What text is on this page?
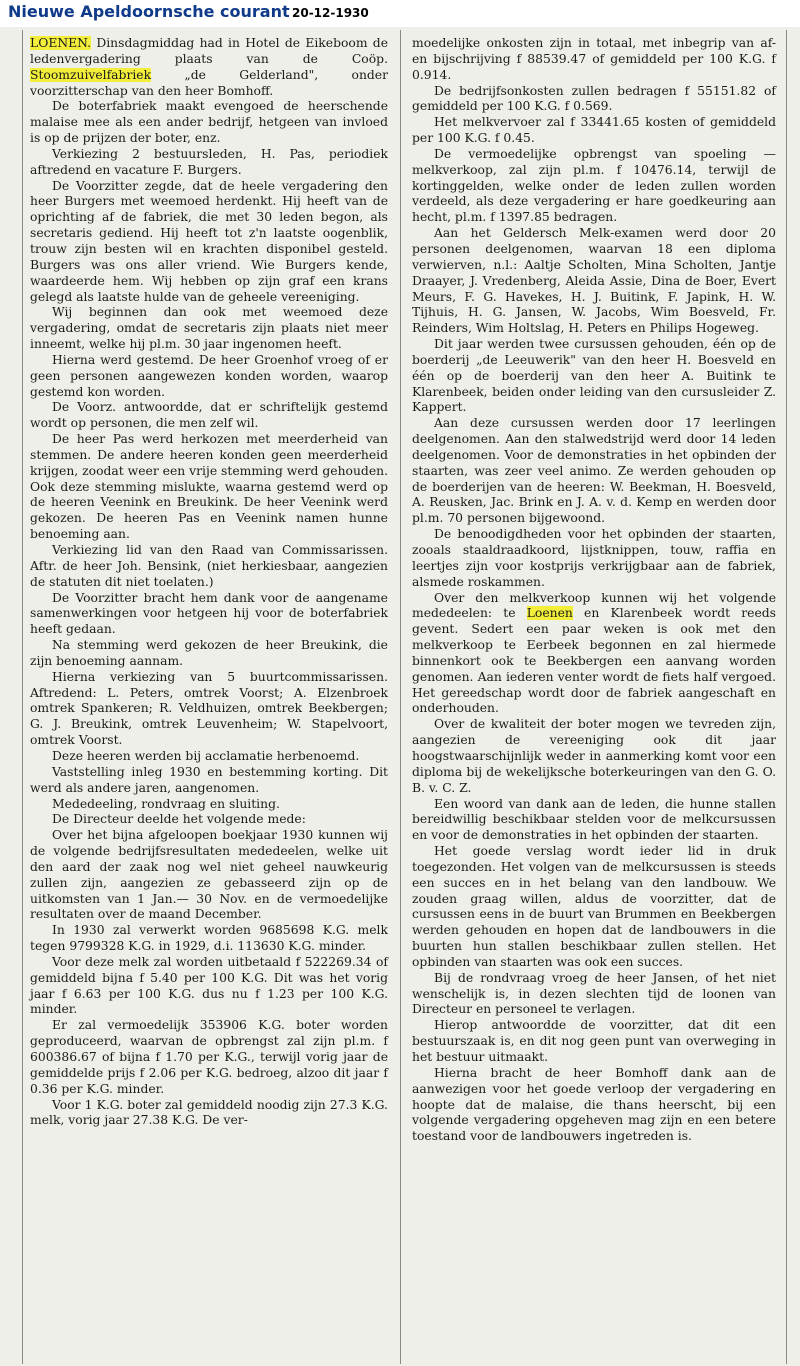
Nieuwe Apeldoornsche courant 20-12-1930

LOENEN. Dinsdagmiddag had in Hotel de Eikeboom de ledenvergadering plaats van de Coöp. Stoomzuivelfabriek „de Gelderland", onder voorzitterschap van den heer Bomhoff.

De boterfabriek maakt evengoed de heerschende malaise mee als een ander bedrijf, hetgeen van invloed is op de prijzen der boter, enz.

Verkiezing 2 bestuursleden, H. Pas, periodiek aftredend en vacature F. Burgers.

De Voorzitter zegde, dat de heele vergadering den heer Burgers met weemoed herdenkt. Hij heeft van de oprichting af de fabriek, die met 30 leden begon, als secretaris gediend. Hij heeft tot z'n laatste oogenblik, trouw zijn besten wil en krachten disponibel gesteld. Burgers was ons aller vriend. Wie Burgers kende, waardeerde hem. Wij hebben op zijn graf een krans gelegd als laatste hulde van de geheele vereeniging.

Wij beginnen dan ook met weemoed deze vergadering, omdat de secretaris zijn plaats niet meer inneemt, welke hij pl.m. 30 jaar ingenomen heeft.

Hierna werd gestemd. De heer Groenhof vroeg of er geen personen aangewezen konden worden, waarop gestemd kon worden.

De Voorz. antwoordde, dat er schriftelijk gestemd wordt op personen, die men zelf wil.

De heer Pas werd herkozen met meerderheid van stemmen. De andere heeren konden geen meerderheid krijgen, zoodat weer een vrije stemming werd gehouden. Ook deze stemming mislukte, waarna gestemd werd op de heeren Veenink en Breukink. De heer Veenink werd gekozen. De heeren Pas en Veenink namen hunne benoeming aan.

Verkiezing lid van den Raad van Commissarissen. Aftr. de heer Joh. Bensink, (niet herkiesbaar, aangezien de statuten dit niet toelaten.)

De Voorzitter bracht hem dank voor de aangename samenwerkingen voor hetgeen hij voor de boterfabriek heeft gedaan.

Na stemming werd gekozen de heer Breukink, die zijn benoeming aannam.

Hierna verkiezing van 5 buurtcommissarissen. Aftredend: L. Peters, omtrek Voorst; A. Elzenbroek omtrek Spankeren; R. Veldhuizen, omtrek Beekbergen; G. J. Breukink, omtrek Leuvenheim; W. Stapelvoort, omtrek Voorst.

Deze heeren werden bij acclamatie herbenoemd.

Vaststelling inleg 1930 en bestemming korting. Dit werd als andere jaren, aangenomen.

Mededeeling, rondvraag en sluiting.

De Directeur deelde het volgende mede:

Over het bijna afgeloopen boekjaar 1930 kunnen wij de volgende bedrijfsresultaten mededeelen, welke uit den aard der zaak nog wel niet geheel nauwkeurig zullen zijn, aangezien ze gebasseerd zijn op de uitkomsten van 1 Jan.— 30 Nov. en de vermoedelijke resultaten over de maand December.

In 1930 zal verwerkt worden 9685698 K.G. melk tegen 9799328 K.G. in 1929, d.i. 113630 K.G. minder.

Voor deze melk zal worden uitbetaald f 522269.34 of gemiddeld bijna f 5.40 per 100 K.G. Dit was het vorig jaar f 6.63 per 100 K.G. dus nu f 1.23 per 100 K.G. minder.

Er zal vermoedelijk 353906 K.G. boter worden geproduceerd, waarvan de opbrengst zal zijn pl.m. f 600386.67 of bijna f 1.70 per K.G., terwijl vorig jaar de gemiddelde prijs f 2.06 per K.G. bedroeg, alzoo dit jaar f 0.36 per K.G. minder.

Voor 1 K.G. boter zal gemiddeld noodig zijn 27.3 K.G. melk, vorig jaar 27.38 K.G. De ver-

moedelijke onkosten zijn in totaal, met inbegrip van af- en bijschrijving f 88539.47 of gemiddeld per 100 K.G. f 0.914.

De bedrijfsonkosten zullen bedragen f 55151.82 of gemiddeld per 100 K.G. f 0.569.

Het melkvervoer zal f 33441.65 kosten of gemiddeld per 100 K.G. f 0.45.

De vermoedelijke opbrengst van spoeling — melkverkoop, zal zijn pl.m. f 10476.14, terwijl de kortinggelden, welke onder de leden zullen worden verdeeld, als deze vergadering er hare goedkeuring aan hecht, pl.m. f 1397.85 bedragen.

Aan het Geldersch Melk-examen werd door 20 personen deelgenomen, waarvan 18 een diploma verwierven, n.l.: Aaltje Scholten, Mina Scholten, Jantje Draayer, J. Vredenberg, Aleida Assie, Dina de Boer, Evert Meurs, F. G. Havekes, H. J. Buitink, F. Japink, H. W. Tijhuis, H. G. Jansen, W. Jacobs, Wim Boesveld, Fr. Reinders, Wim Holtslag, H. Peters en Philips Hogeweg.

Dit jaar werden twee cursussen gehouden, één op de boerderij „de Leeuwerik" van den heer H. Boesveld en één op de boerderij van den heer A. Buitink te Klarenbeek, beiden onder leiding van den cursusleider Z. Kappert.

Aan deze cursussen werden door 17 leerlingen deelgenomen. Aan den stalwedstrijd werd door 14 leden deelgenomen. Voor de demonstraties in het opbinden der staarten, was zeer veel animo. Ze werden gehouden op de boerderijen van de heeren: W. Beekman, H. Boesveld, A. Reusken, Jac. Brink en J. A. v. d. Kemp en werden door pl.m. 70 personen bijgewoond.

De benoodigdheden voor het opbinden der staarten, zooals staaldraadkoord, lijstknippen, touw, raffia en leertjes zijn voor kostprijs verkrijgbaar aan de fabriek, alsmede roskammen.

Over den melkverkoop kunnen wij het volgende mededeelen: te Loenen en Klarenbeek wordt reeds gevent. Sedert een paar weken is ook met den melkverkoop te Eerbeek begonnen en zal hiermede binnenkort ook te Beekbergen een aanvang worden genomen. Aan iederen venter wordt de fiets half vergoed. Het gereedschap wordt door de fabriek aangeschaft en onderhouden.

Over de kwaliteit der boter mogen we tevreden zijn, aangezien de vereeniging ook dit jaar hoogstwaarschijnlijk weder in aanmerking komt voor een diploma bij de wekelijksche boterkeuringen van den G. O. B. v. C. Z.

Een woord van dank aan de leden, die hunne stallen bereidwillig beschikbaar stelden voor de melkcursussen en voor de demonstraties in het opbinden der staarten.

Het goede verslag wordt ieder lid in druk toegezonden. Het volgen van de melkcursussen is steeds een succes en in het belang van den landbouw. We zouden graag willen, aldus de voorzitter, dat de cursussen eens in de buurt van Brummen en Beekbergen werden gehouden en hopen dat de landbouwers in die buurten hun stallen beschikbaar zullen stellen. Het opbinden van staarten was ook een succes.

Bij de rondvraag vroeg de heer Jansen, of het niet wenschelijk is, in dezen slechten tijd de loonen van Directeur en personeel te verlagen.

Hierop antwoordde de voorzitter, dat dit een bestuurszaak is, en dit nog geen punt van overweging in het bestuur uitmaakt.

Hierna bracht de heer Bomhoff dank aan de aanwezigen voor het goede verloop der vergadering en hoopte dat de malaise, die thans heerscht, bij een volgende vergadering opgeheven mag zijn en een betere toestand voor de landbouwers ingetreden is.
